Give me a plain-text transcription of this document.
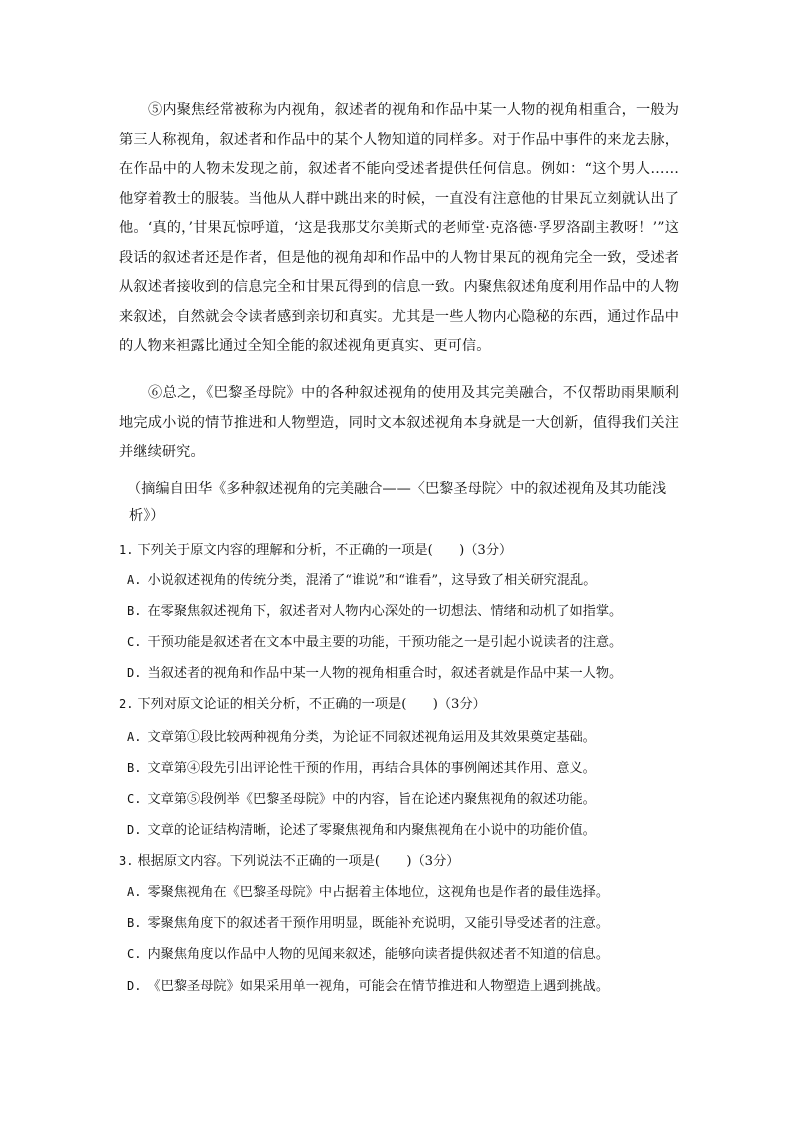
⑤内聚焦经常被称为内视角，叙述者的视角和作品中某一人物的视角相重合，一般为第三人称视角，叙述者和作品中的某个人物知道的同样多。对于作品中事件的来龙去脉，在作品中的人物未发现之前，叙述者不能向受述者提供任何信息。例如：“这个男人……他穿着教士的服装。当他从人群中跳出来的时候，一直没有注意他的甘果瓦立刻就认出了他。‘真的，’甘果瓦惊呼道，‘这是我那艾尔美斯式的老师堂·克洛德·孚罗洛副主教呀！’”这段话的叙述者还是作者，但是他的视角却和作品中的人物甘果瓦的视角完全一致，受述者从叙述者接收到的信息完全和甘果瓦得到的信息一致。内聚焦叙述角度利用作品中的人物来叙述，自然就会令读者感到亲切和真实。尤其是一些人物内心隐秘的东西，通过作品中的人物来袒露比通过全知全能的叙述视角更真实、更可信。

⑥总之，《巴黎圣母院》中的各种叙述视角的使用及其完美融合，不仅帮助雨果顺利地完成小说的情节推进和人物塑造，同时文本叙述视角本身就是一大创新，值得我们关注并继续研究。

（摘编自田华《多种叙述视角的完美融合——〈巴黎圣母院〉中的叙述视角及其功能浅析》）

1. 下列关于原文内容的理解和分析，不正确的一项是(　　)（3分）
A. 小说叙述视角的传统分类，混淆了“谁说”和“谁看”，这导致了相关研究混乱。
B. 在零聚焦叙述视角下，叙述者对人物内心深处的一切想法、情绪和动机了如指掌。
C. 干预功能是叙述者在文本中最主要的功能，干预功能之一是引起小说读者的注意。
D. 当叙述者的视角和作品中某一人物的视角相重合时，叙述者就是作品中某一人物。
2. 下列对原文论证的相关分析，不正确的一项是(　　)（3分）
A. 文章第①段比较两种视角分类，为论证不同叙述视角运用及其效果奠定基础。
B. 文章第④段先引出评论性干预的作用，再结合具体的事例阐述其作用、意义。
C. 文章第⑤段例举《巴黎圣母院》中的内容，旨在论述内聚焦视角的叙述功能。
D. 文章的论证结构清晰，论述了零聚焦视角和内聚焦视角在小说中的功能价值。
3. 根据原文内容。下列说法不正确的一项是(　　)（3分）
A. 零聚焦视角在《巴黎圣母院》中占据着主体地位，这视角也是作者的最佳选择。
B. 零聚焦角度下的叙述者干预作用明显，既能补充说明，又能引导受述者的注意。
C. 内聚焦角度以作品中人物的见闻来叙述，能够向读者提供叙述者不知道的信息。
D. 《巴黎圣母院》如果采用单一视角，可能会在情节推进和人物塑造上遇到挑战。
